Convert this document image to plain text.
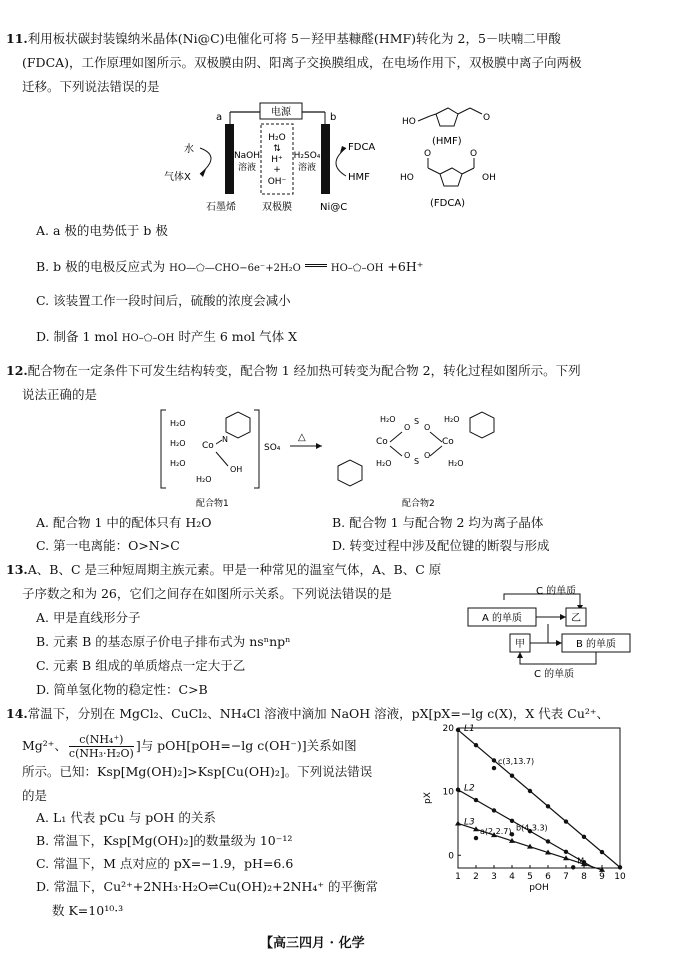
11.利用板状碳封装镍纳米晶体(Ni@C)电催化可将 5－羟甲基糠醛(HMF)转化为 2，5－呋喃二甲酸
(FDCA)，工作原理如图所示。双极膜由阴、阳离子交换膜组成，在电场作用下，双极膜中离子向两极
迁移。下列说法错误的是
电源
a	b
H₂O
⇅
H⁺
+
OH⁻
NaOH
溶液
H₂SO₄
溶液
水
气体X
FDCA
HMF
石墨烯	双极膜	Ni@C
HO	O
(HMF)
O
HO
O
OH
(FDCA)
A. a 极的电势低于 b 极
B. b 极的电极反应式为 HO—⬠—CHO−6e⁻+2H₂O	HO–⬠–OH +6H⁺
C. 该装置工作一段时间后，硫酸的浓度会减小
D. 制备 1 mol HO–⬠–OH 时产生 6 mol 气体 X
12.配合物在一定条件下可发生结构转变，配合物 1 经加热可转变为配合物 2，转化过程如图所示。下列
说法正确的是
H₂O
H₂O
H₂O
H₂O
Co
N
OH
SO₄
△	Co
H₂O
H₂O
O
S
O
O
S
O
Co
H₂O
H₂O
配合物1	配合物2
A. 配合物 1 中的配体只有 H₂O	B. 配合物 1 与配合物 2 均为离子晶体
C. 第一电离能：O>N>C	D. 转变过程中涉及配位键的断裂与形成
13.A、B、C 是三种短周期主族元素。甲是一种常见的温室气体，A、B、C 原
子序数之和为 26，它们之间存在如图所示关系。下列说法错误的是
A. 甲是直线形分子
B. 元素 B 的基态原子价电子排布式为 nsⁿnpⁿ
C. 元素 B 组成的单质熔点一定大于乙
D. 简单氢化物的稳定性：C>B
C 的单质
A 的单质	乙
甲	B 的单质
C 的单质
14.常温下，分别在 MgCl₂、CuCl₂、NH₄Cl 溶液中滴加 NaOH 溶液，pX[pX=−lg c(X)，X 代表 Cu²⁺、
Mg²⁺、 $\frac{\text{c(NH₄⁺)}}{\text{c(NH₃·H₂O)}}$ ]与 pOH[pOH=−lg c(OH⁻)]关系如图
所示。已知：Ksp[Mg(OH)₂]>Ksp[Cu(OH)₂]。下列说法错误
的是
A. L₁ 代表 pCu 与 pOH 的关系
B. 常温下，Ksp[Mg(OH)₂]的数量级为 10⁻¹²
C. 常温下，M 点对应的 pX=−1.9，pH=6.6
D. 常温下，Cu²⁺+2NH₃·H₂O⇌Cu(OH)₂+2NH₄⁺ 的平衡常
数 K=10¹⁰·³
1 2 3 4 5 6 7 8 9 10
0
10
20
pOH
pX
L1
L2
L3
c(3,13.7)
b(4,3.3)
a(2,2.7)
M
【高三四月 · 化学
